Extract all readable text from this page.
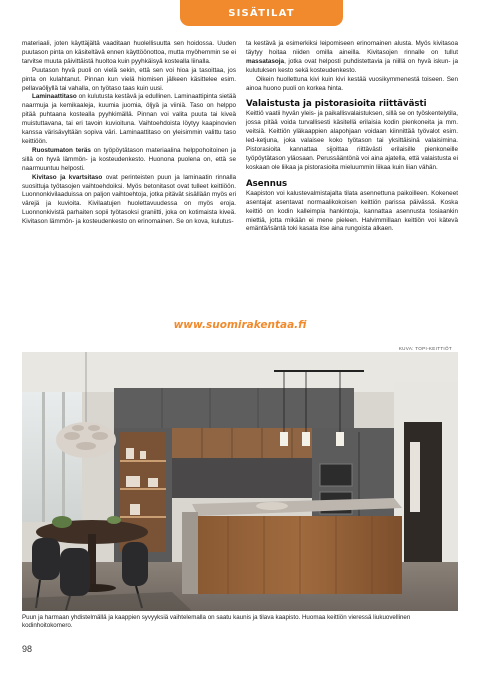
SISÄTILAT

materiaali, joten käyttäjältä vaaditaan huolellisuutta sen hoidossa. Uuden puutason pinta on käsiteltävä ennen käyttöönottoa, mutta myöhemmin se ei tarvitse muuta päivittäistä huoltoa kuin pyyhkäisyä kostealla liinalla.

Puutason hyvä puoli on vielä sekin, että sen voi hioa ja tasoittaa, jos pinta on kulahtanut. Pinnan kun vielä hiomisen jälkeen käsittelee esim. pellavaöljyllä tai vahalla, on työtaso taas kuin uusi.

Laminaattitaso on kulutusta kestävä ja edullinen. Laminaattipinta sietää naarmuja ja kemikaaleja, kuumia juomia, öljyä ja viiniä. Taso on helppo pitää puhtaana kostealla pyyhkimällä. Pinnan voi valita puuta tai kiveä muistuttavana, tai eri tavoin kuvioituna. Vaihtoehdoista löytyy kaapinovien kanssa värisävyltään sopiva väri. Laminaattitaso on yleisimmin valittu taso keittiöön.

Ruostumaton teräs on työpöytätason materiaalina helppohoitoinen ja sillä on hyvä lämmön- ja kosteudenkesto. Huonona puolena on, että se naarmuuntuu helposti.

Kivitaso ja kvartsitaso ovat perinteisten puun ja laminaatin rinnalla suosittuja työtasojen vaihtoehdoiksi. Myös betonitasot ovat tulleet keittiöön. Luonnonkivilaaduissa on paljon vaihtoehtoja, jotka pitävät sisällään myös eri värejä ja kuvioita. Kivilaatujen huolettavuudessa on myös eroja. Luonnonkivistä parhaiten sopii työtasoksi graniitti, joka on kotimaista kiveä. Kivitason lämmön- ja kosteudenkesto on erinomainen. Se on kova, kulutus-

ta kestävä ja esimerkiksi leipomiseen erinomainen alusta. Myös kivitasoa täytyy hoitaa niiden omilla aineilla. Kivitasojen rinnalle on tullut massatasoja, jotka ovat helposti puhdistettavia ja niillä on hyvä iskun- ja kulutuksen kesto sekä kosteudenkesto.

Oikein huollettuna kivi kuin kivi kestää vuosikymmenestä toiseen. Sen ainoa huono puoli on korkea hinta.

Valaistusta ja pistorasioita riittävästi

Keittiö vaatii hyvän yleis- ja paikallisvalaistuksen, sillä se on työskentelytila, jossa pitää voida turvallisesti käsitellä erilaisia kodin pienkoneita ja mm. veitsiä. Keittiön yläkaappien alapohjaan voidaan kiinnittää työvalot esim. led-ketjuna, joka valaisee koko työtason tai yksittäisinä valaisimina. Pistorasioita kannattaa sijoittaa riittävästi erilaisille pienkoneille työpöytätason yläosaan. Perussääntönä voi aina ajatella, että valaistusta ei koskaan ole liikaa ja pistorasioita mieluummin liikaa kuin liian vähän.

Asennus

Kaapiston voi kalustevalmistajalta tilata asennettuna paikoilleen. Kokeneet asentajat asentavat normaalikokoisen keittiön parissa päivässä. Koska keittiö on kodin kalleimpia hankintoja, kannattaa asennusta tosiaankin miettiä, jotta mikään ei mene pieleen. Halvimmillaan keittiön voi kätevä emäntä/isäntä toki kasata itse aina rungoista alkaen.

www.suomirakentaa.fi
KUVA: TOPI-KEITTIÖT
Puun ja harmaan yhdistelmällä ja kaappien syvyyksiä vaihtelemalla on saatu kaunis ja tilava kaapisto. Huomaa keittiön vieressä liukuovellinen kodinhoitokomero.
98
